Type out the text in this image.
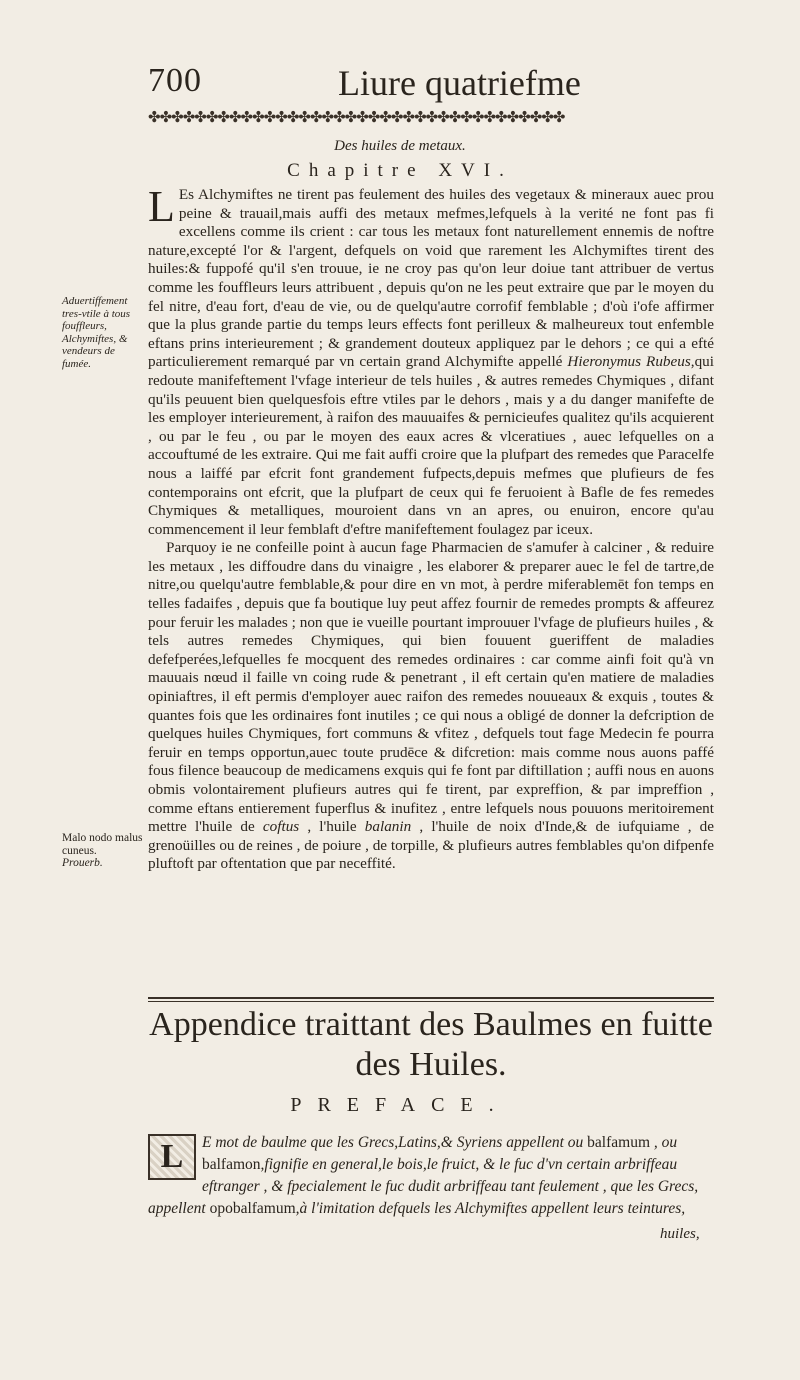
700	Liure quatriefme
✤✤✤✤✤✤✤✤✤✤✤✤✤✤✤✤✤✤✤✤✤✤✤✤✤✤✤✤✤✤✤✤✤✤✤✤
Des huiles de metaux.
Chapitre XVI.

L Es Alchymiftes ne tirent pas feulement des huiles des vegetaux & mineraux auec prou peine & trauail,mais auffi des metaux mefmes,lefquels à la verité ne font pas fi excellens comme ils crient : car tous les metaux font naturellement ennemis de noftre nature,excepté l'or & l'argent, defquels on void que rarement les Alchymiftes tirent des huiles:& fuppofé qu'il s'en trouue, ie ne croy pas qu'on leur doiue tant attribuer de vertus comme les fouffleurs leurs attribuent , depuis qu'on ne les peut extraire que par le moyen du fel nitre, d'eau fort, d'eau de vie, ou de quelqu'autre corrofif femblable ; d'où i'ofe affirmer que la plus grande partie du temps leurs effects font perilleux & malheureux tout enfemble eftans prins interieurement ; & grandement douteux appliquez par le dehors ; ce qui a efté particulierement remarqué par vn certain grand Alchymifte appellé Hieronymus Rubeus,qui redoute manifeftement l'vfage interieur de tels huiles , & autres remedes Chymiques , difant qu'ils peuuent bien quelquesfois eftre vtiles par le dehors , mais y a du danger manifefte de les employer interieurement, à raifon des mauuaifes & pernicieufes qualitez qu'ils acquierent , ou par le feu , ou par le moyen des eaux acres & vlceratiues , auec lefquelles on a accouftumé de les extraire. Qui me fait auffi croire que la plufpart des remedes que Paracelfe nous a laiffé par efcrit font grandement fufpects,depuis mefmes que plufieurs de fes contemporains ont efcrit, que la plufpart de ceux qui fe feruoient à Bafle de fes remedes Chymiques & metalliques, mouroient dans vn an apres, ou enuiron, encore qu'au commencement il leur femblaft d'eftre manifeftement foulagez par iceux.

Parquoy ie ne confeille point à aucun fage Pharmacien de s'amufer à calciner , & reduire les metaux , les diffoudre dans du vinaigre , les elaborer & preparer auec le fel de tartre,de nitre,ou quelqu'autre femblable,& pour dire en vn mot, à perdre miferablemēt fon temps en telles fadaifes , depuis que fa boutique luy peut affez fournir de remedes prompts & affeurez pour feruir les malades ; non que ie vueille pourtant improuuer l'vfage de plufieurs huiles , & tels autres remedes Chymiques, qui bien fouuent gueriffent de maladies defefperées,lefquelles fe mocquent des remedes ordinaires : car comme ainfi foit qu'à vn mauuais nœud il faille vn coing rude & penetrant , il eft certain qu'en matiere de maladies opiniaftres, il eft permis d'employer auec raifon des remedes nouueaux & exquis , toutes & quantes fois que les ordinaires font inutiles ; ce qui nous a obligé de donner la defcription de quelques huiles Chymiques, fort communs & vfitez , defquels tout fage Medecin fe pourra feruir en temps opportun,auec toute prudēce & difcretion: mais comme nous auons paffé fous filence beaucoup de medicamens exquis qui fe font par diftillation ; auffi nous en auons obmis volontairement plufieurs autres qui fe tirent, par expreffion, & par impreffion , comme eftans entierement fuperflus & inufitez , entre lefquels nous pouuons meritoirement mettre l'huile de coftus , l'huile balanin , l'huile de noix d'Inde,& de iufquiame , de grenoüilles ou de reines , de poiure , de torpille, & plufieurs autres femblables qu'on difpenfe pluftoft par oftentation que par neceffité.

Aduertiffement tres-vtile à tous fouffleurs, Alchymiftes, & vendeurs de fumée.
Malo nodo malus cuneus.
Prouerb.
Appendice traittant des Baulmes en fuitte des Huiles.
PREFACE.
L	E mot de baulme que les Grecs,Latins,& Syriens appellent ou balfamum , ou balfamon,fignifie en general,le bois,le fruict, & le fuc d'vn certain arbriffeau eftranger , & fpecialement le fuc dudit arbriffeau tant feulement , que les Grecs, appellent opobalfamum,à l'imitation defquels les Alchymiftes appellent leurs teintures,
huiles,
